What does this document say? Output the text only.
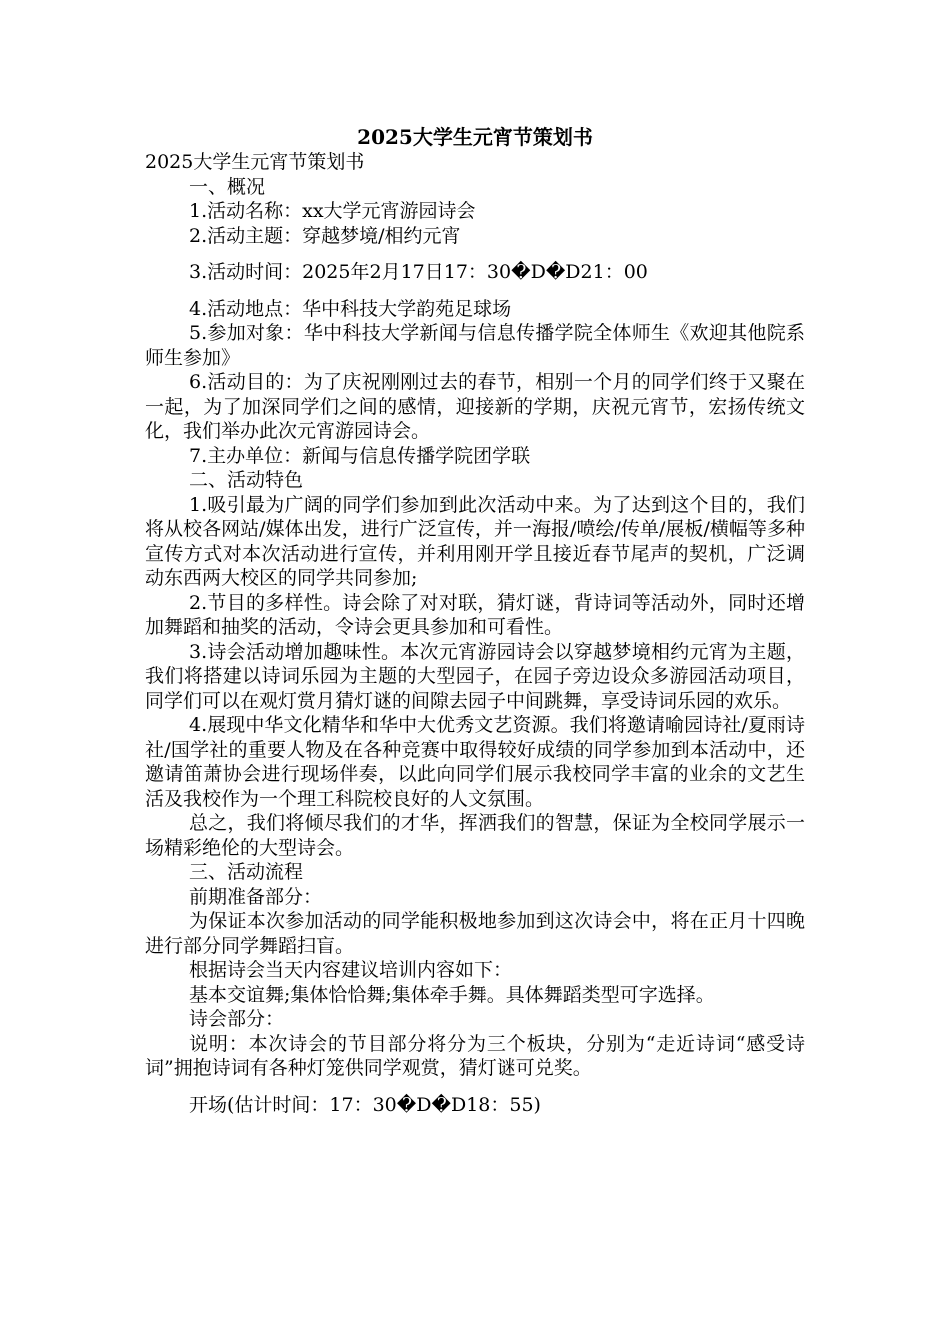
2025大学生元宵节策划书

2025大学生元宵节策划书

一、概况

1.活动名称：xx大学元宵游园诗会

2.活动主题：穿越梦境/相约元宵

3.活动时间：2025年2月17日17：30�D�D21：00

4.活动地点：华中科技大学韵苑足球场

5.参加对象：华中科技大学新闻与信息传播学院全体师生《欢迎其他院系师生参加》

6.活动目的：为了庆祝刚刚过去的春节，相别一个月的同学们终于又聚在一起，为了加深同学们之间的感情，迎接新的学期，庆祝元宵节，宏扬传统文化，我们举办此次元宵游园诗会。

7.主办单位：新闻与信息传播学院团学联

二、活动特色

1.吸引最为广阔的同学们参加到此次活动中来。为了达到这个目的，我们将从校各网站/媒体出发，进行广泛宣传，并一海报/喷绘/传单/展板/横幅等多种宣传方式对本次活动进行宣传，并利用刚开学且接近春节尾声的契机，广泛调动东西两大校区的同学共同参加;

2.节目的多样性。诗会除了对对联，猜灯谜，背诗词等活动外，同时还增加舞蹈和抽奖的活动，令诗会更具参加和可看性。

3.诗会活动增加趣味性。本次元宵游园诗会以穿越梦境相约元宵为主题，我们将搭建以诗词乐园为主题的大型园子，在园子旁边设众多游园活动项目，同学们可以在观灯赏月猜灯谜的间隙去园子中间跳舞，享受诗词乐园的欢乐。

4.展现中华文化精华和华中大优秀文艺资源。我们将邀请喻园诗社/夏雨诗社/国学社的重要人物及在各种竞赛中取得较好成绩的同学参加到本活动中，还邀请笛萧协会进行现场伴奏，以此向同学们展示我校同学丰富的业余的文艺生活及我校作为一个理工科院校良好的人文氛围。

总之，我们将倾尽我们的才华，挥洒我们的智慧，保证为全校同学展示一场精彩绝伦的大型诗会。

三、活动流程

前期准备部分：

为保证本次参加活动的同学能积极地参加到这次诗会中，将在正月十四晚进行部分同学舞蹈扫盲。

根据诗会当天内容建议培训内容如下：

基本交谊舞;集体恰恰舞;集体牵手舞。具体舞蹈类型可字选择。

诗会部分：

说明：本次诗会的节目部分将分为三个板块，分别为“走近诗词“感受诗词”拥抱诗词有各种灯笼供同学观赏，猜灯谜可兑奖。

开场(估计时间：17：30�D�D18：55)
